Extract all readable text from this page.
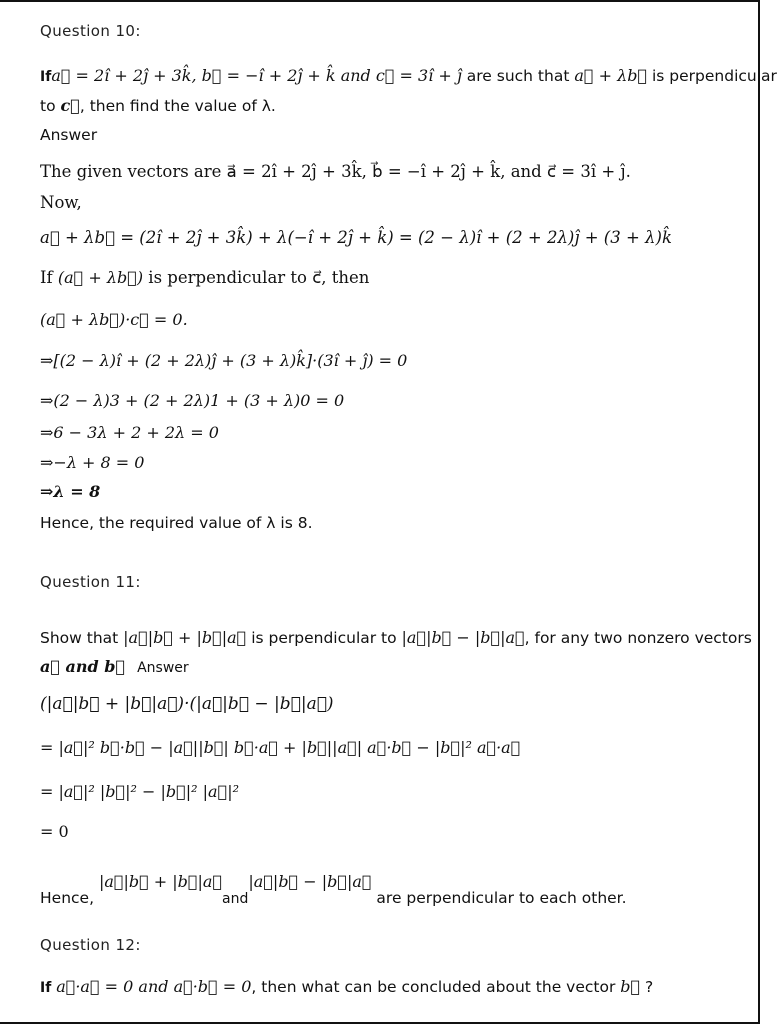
Question 10:
Ifa⃗ = 2î + 2ĵ + 3k̂, b⃗ = −î + 2ĵ + k̂ and c⃗ = 3î + ĵ are such that a⃗ + λb⃗ is perpendicular
to c⃗, then find the value of λ.
Answer
The given vectors are a⃗ = 2î + 2ĵ + 3k̂, b⃗ = −î + 2ĵ + k̂, and c⃗ = 3î + ĵ.
Now,
a⃗ + λb⃗ = (2î + 2ĵ + 3k̂) + λ(−î + 2ĵ + k̂) = (2 − λ)î + (2 + 2λ)ĵ + (3 + λ)k̂
If (a⃗ + λb⃗) is perpendicular to c⃗, then
(a⃗ + λb⃗)·c⃗ = 0.
⇒[(2 − λ)î + (2 + 2λ)ĵ + (3 + λ)k̂]·(3î + ĵ) = 0
⇒(2 − λ)3 + (2 + 2λ)1 + (3 + λ)0 = 0
⇒6 − 3λ + 2 + 2λ = 0
⇒−λ + 8 = 0
⇒λ = 8
Hence, the required value of λ is 8.
Question 11:
Show that |a⃗|b⃗ + |b⃗|a⃗ is perpendicular to |a⃗|b⃗ − |b⃗|a⃗, for any two nonzero vectors
a⃗ and b⃗ Answer
(|a⃗|b⃗ + |b⃗|a⃗)·(|a⃗|b⃗ − |b⃗|a⃗)
= |a⃗|² b⃗·b⃗ − |a⃗||b⃗| b⃗·a⃗ + |b⃗||a⃗| a⃗·b⃗ − |b⃗|² a⃗·a⃗
= |a⃗|² |b⃗|² − |b⃗|² |a⃗|²
= 0
Hence, |a⃗|b⃗ + |b⃗|a⃗and|a⃗|b⃗ − |b⃗|a⃗ are perpendicular to each other.
Question 12:
If a⃗·a⃗ = 0 and a⃗·b⃗ = 0, then what can be concluded about the vector b⃗ ?
